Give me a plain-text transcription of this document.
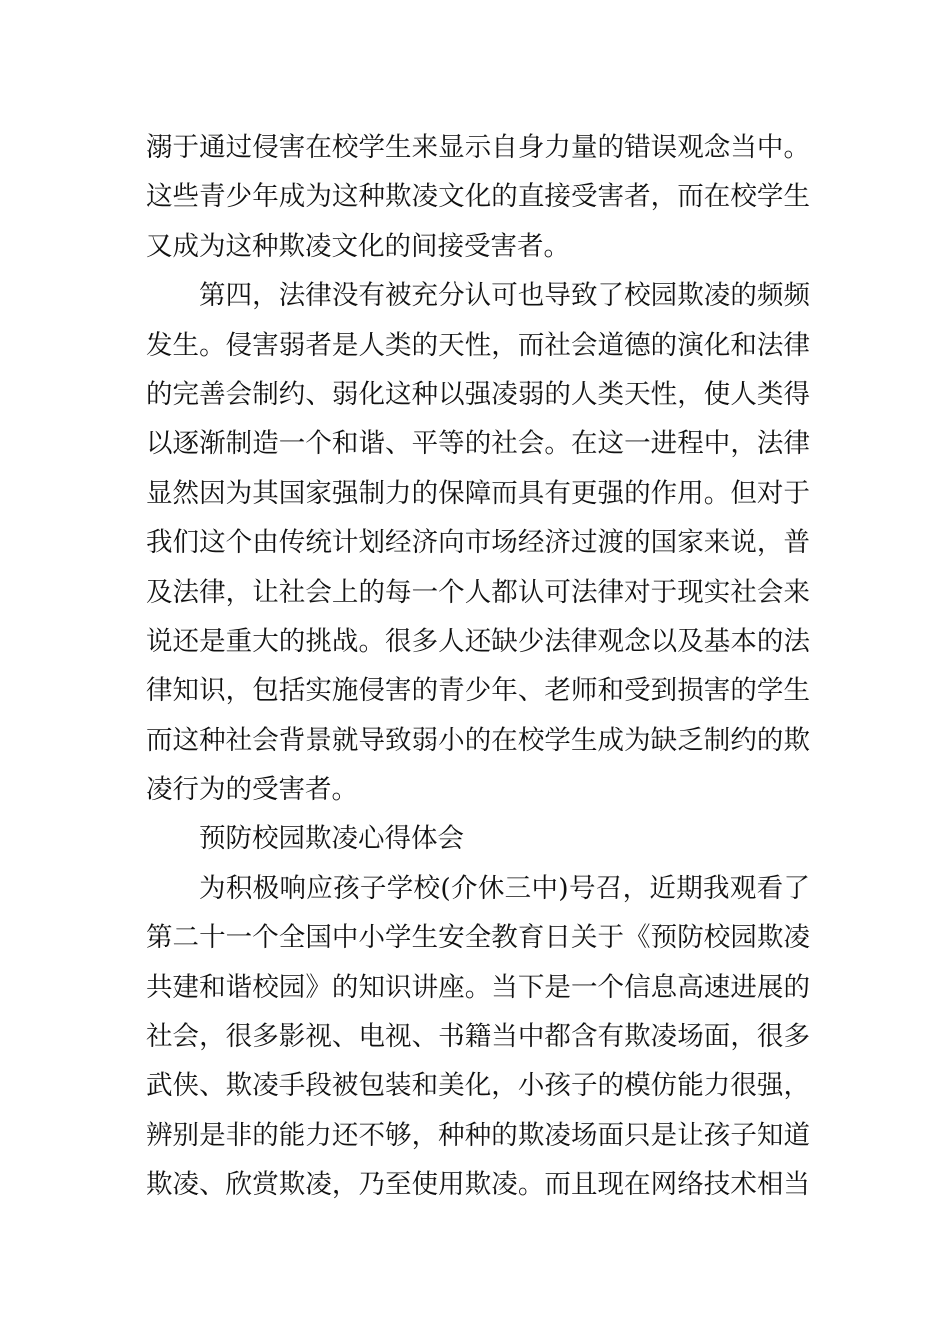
溺于通过侵害在校学生来显示自身力量的错误观念当中。
这些青少年成为这种欺凌文化的直接受害者，而在校学生
又成为这种欺凌文化的间接受害者。
第四，法律没有被充分认可也导致了校园欺凌的频频
发生。侵害弱者是人类的天性，而社会道德的演化和法律
的完善会制约、弱化这种以强凌弱的人类天性，使人类得
以逐渐制造一个和谐、平等的社会。在这一进程中，法律
显然因为其国家强制力的保障而具有更强的作用。但对于
我们这个由传统计划经济向市场经济过渡的国家来说，普
及法律，让社会上的每一个人都认可法律对于现实社会来
说还是重大的挑战。很多人还缺少法律观念以及基本的法
律知识，包括实施侵害的青少年、老师和受到损害的学生
而这种社会背景就导致弱小的在校学生成为缺乏制约的欺
凌行为的受害者。
预防校园欺凌心得体会
为积极响应孩子学校(介休三中)号召，近期我观看了
第二十一个全国中小学生安全教育日关于《预防校园欺凌
共建和谐校园》的知识讲座。当下是一个信息高速进展的
社会，很多影视、电视、书籍当中都含有欺凌场面，很多
武侠、欺凌手段被包装和美化，小孩子的模仿能力很强，
辨别是非的能力还不够，种种的欺凌场面只是让孩子知道
欺凌、欣赏欺凌，乃至使用欺凌。而且现在网络技术相当
